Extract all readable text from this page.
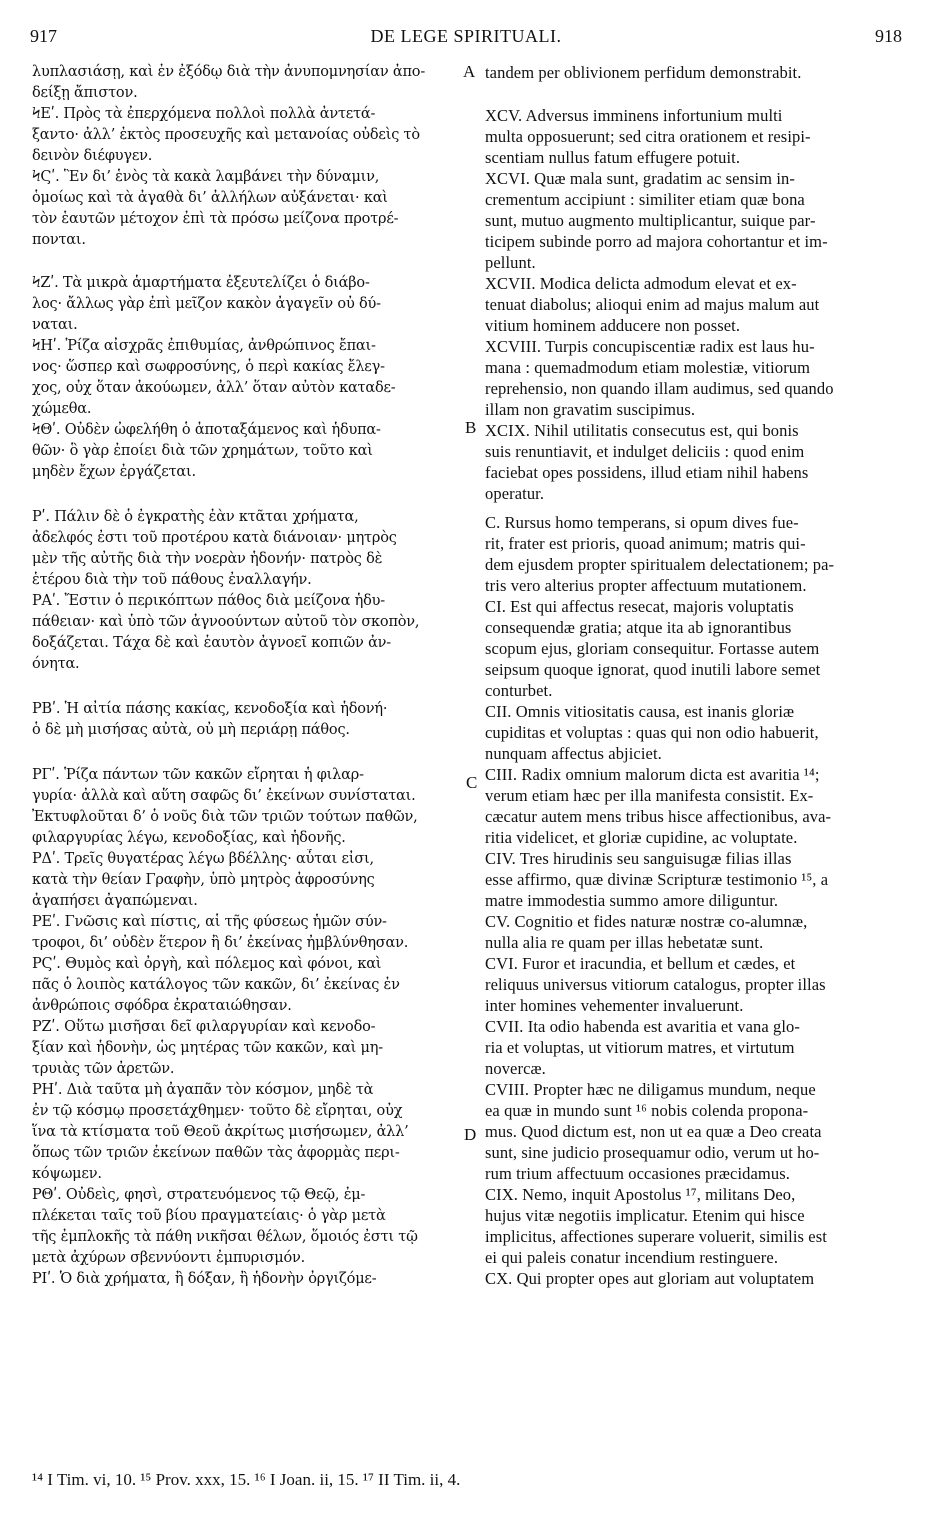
917	DE LEGE SPIRITUALI.	918

λυπλασιάσῃ, καὶ ἐν ἐξόδῳ διὰ τὴν ἀνυπομνησίαν ἀπο-

δείξῃ ἄπιστον.

ϞΕʹ. Πρὸς τὰ ἐπερχόμενα πολλοὶ πολλὰ ἀντετά-

ξαντο· ἀλλ’ ἐκτὸς προσευχῆς καὶ μετανοίας οὐδεὶς τὸ

δεινὸν διέφυγεν.

ϞϚʹ. Ἓν δι’ ἑνὸς τὰ κακὰ λαμβάνει τὴν δύναμιν,

ὁμοίως καὶ τὰ ἀγαθὰ δι’ ἀλλήλων αὐξάνεται· καὶ

τὸν ἑαυτῶν μέτοχον ἐπὶ τὰ πρόσω μείζονα προτρέ-

πονται.

ϞΖʹ. Τὰ μικρὰ ἁμαρτήματα ἐξευτελίζει ὁ διάβο-

λος· ἄλλως γὰρ ἐπὶ μεῖζον κακὸν ἀγαγεῖν οὐ δύ-

ναται.

ϞΗʹ. Ῥίζα αἰσχρᾶς ἐπιθυμίας, ἀνθρώπινος ἔπαι-

νος· ὥσπερ καὶ σωφροσύνης, ὁ περὶ κακίας ἔλεγ-

χος, οὐχ ὅταν ἀκούωμεν, ἀλλ’ ὅταν αὐτὸν καταδε-

χώμεθα.

ϞΘʹ. Οὐδὲν ὠφελήθη ὁ ἀποταξάμενος καὶ ἡδυπα-

θῶν· ὃ γὰρ ἐποίει διὰ τῶν χρημάτων, τοῦτο καὶ

μηδὲν ἔχων ἐργάζεται.

Ρʹ. Πάλιν δὲ ὁ ἐγκρατὴς ἐὰν κτᾶται χρήματα,

ἀδελφός ἐστι τοῦ προτέρου κατὰ διάνοιαν· μητρὸς

μὲν τῆς αὐτῆς διὰ τὴν νοερὰν ἡδονήν· πατρὸς δὲ

ἑτέρου διὰ τὴν τοῦ πάθους ἐναλλαγήν.

ΡΑʹ. Ἔστιν ὁ περικόπτων πάθος διὰ μείζονα ἡδυ-

πάθειαν· καὶ ὑπὸ τῶν ἀγνοούντων αὐτοῦ τὸν σκοπὸν,

δοξάζεται. Τάχα δὲ καὶ ἑαυτὸν ἀγνοεῖ κοπιῶν ἀν-

όνητα.

ΡΒʹ. Ἡ αἰτία πάσης κακίας, κενοδοξία καὶ ἡδονή·

ὁ δὲ μὴ μισήσας αὐτὰ, οὐ μὴ περιάρῃ πάθος.

ΡΓʹ. Ῥίζα πάντων τῶν κακῶν εἴρηται ἡ φιλαρ-

γυρία· ἀλλὰ καὶ αὕτη σαφῶς δι’ ἐκείνων συνίσταται.

Ἐκτυφλοῦται δ’ ὁ νοῦς διὰ τῶν τριῶν τούτων παθῶν,

φιλαργυρίας λέγω, κενοδοξίας, καὶ ἡδονῆς.

ΡΔʹ. Τρεῖς θυγατέρας λέγω βδέλλης· αὗται εἰσι,

κατὰ τὴν θείαν Γραφὴν, ὑπὸ μητρὸς ἀφροσύνης

ἀγαπήσει ἀγαπώμεναι.

ΡΕʹ. Γνῶσις καὶ πίστις, αἱ τῆς φύσεως ἡμῶν σύν-

τροφοι, δι’ οὐδὲν ἕτερον ἢ δι’ ἐκείνας ἠμβλύνθησαν.

ΡϚʹ. Θυμὸς καὶ ὀργὴ, καὶ πόλεμος καὶ φόνοι, καὶ

πᾶς ὁ λοιπὸς κατάλογος τῶν κακῶν, δι’ ἐκείνας ἐν

ἀνθρώποις σφόδρα ἐκραταιώθησαν.

ΡΖʹ. Οὕτω μισῆσαι δεῖ φιλαργυρίαν καὶ κενοδο-

ξίαν καὶ ἡδονὴν, ὡς μητέρας τῶν κακῶν, καὶ μη-

τρυιὰς τῶν ἀρετῶν.

ΡΗʹ. Διὰ ταῦτα μὴ ἀγαπᾶν τὸν κόσμον, μηδὲ τὰ

ἐν τῷ κόσμῳ προσετάχθημεν· τοῦτο δὲ εἴρηται, οὐχ

ἵνα τὰ κτίσματα τοῦ Θεοῦ ἀκρίτως μισήσωμεν, ἀλλ’

ὅπως τῶν τριῶν ἐκείνων παθῶν τὰς ἀφορμὰς περι-

κόψωμεν.

ΡΘʹ. Οὐδεὶς, φησὶ, στρατευόμενος τῷ Θεῷ, ἐμ-

πλέκεται ταῖς τοῦ βίου πραγματείαις· ὁ γὰρ μετὰ

τῆς ἐμπλοκῆς τὰ πάθη νικῆσαι θέλων, ὅμοιός ἐστι τῷ

μετὰ ἀχύρων σβεννύοντι ἐμπυρισμόν.

ΡΙʹ. Ὁ διὰ χρήματα, ἢ δόξαν, ἢ ἡδονὴν ὀργιζόμε-

tandem per oblivionem perfidum demonstrabit.

XCV. Adversus imminens infortunium multi

multa opposuerunt; sed citra orationem et resipi-

scentiam nullus fatum effugere potuit.

XCVI. Quæ mala sunt, gradatim ac sensim in-

crementum accipiunt : similiter etiam quæ bona

sunt, mutuo augmento multiplicantur, suique par-

ticipem subinde porro ad majora cohortantur et im-

pellunt.

XCVII. Modica delicta admodum elevat et ex-

tenuat diabolus; alioqui enim ad majus malum aut

vitium hominem adducere non posset.

XCVIII. Turpis concupiscentiæ radix est laus hu-

mana : quemadmodum etiam molestiæ, vitiorum

reprehensio, non quando illam audimus, sed quando

illam non gravatim suscipimus.

XCIX. Nihil utilitatis consecutus est, qui bonis

suis renuntiavit, et indulget deliciis : quod enim

faciebat opes possidens, illud etiam nihil habens

operatur.

C. Rursus homo temperans, si opum dives fue-

rit, frater est prioris, quoad animum; matris qui-

dem ejusdem propter spiritualem delectationem; pa-

tris vero alterius propter affectuum mutationem.

CI. Est qui affectus resecat, majoris voluptatis

consequendæ gratia; atque ita ab ignorantibus

scopum ejus, gloriam consequitur. Fortasse autem

seipsum quoque ignorat, quod inutili labore semet

conturbet.

CII. Omnis vitiositatis causa, est inanis gloriæ

cupiditas et voluptas : quas qui non odio habuerit,

nunquam affectus abjiciet.

CIII. Radix omnium malorum dicta est avaritia ¹⁴;

verum etiam hæc per illa manifesta consistit. Ex-

cæcatur autem mens tribus hisce affectionibus, ava-

ritia videlicet, et gloriæ cupidine, ac voluptate.

CIV. Tres hirudinis seu sanguisugæ filias illas

esse affirmo, quæ divinæ Scripturæ testimonio ¹⁵, a

matre immodestia summo amore diliguntur.

CV. Cognitio et fides naturæ nostræ co-alumnæ,

nulla alia re quam per illas hebetatæ sunt.

CVI. Furor et iracundia, et bellum et cædes, et

reliquus universus vitiorum catalogus, propter illas

inter homines vehementer invaluerunt.

CVII. Ita odio habenda est avaritia et vana glo-

ria et voluptas, ut vitiorum matres, et virtutum

novercæ.

CVIII. Propter hæc ne diligamus mundum, neque

ea quæ in mundo sunt ¹⁶ nobis colenda propona-

mus. Quod dictum est, non ut ea quæ a Deo creata

sunt, sine judicio prosequamur odio, verum ut ho-

rum trium affectuum occasiones præcidamus.

CIX. Nemo, inquit Apostolus ¹⁷, militans Deo,

hujus vitæ negotiis implicatur. Etenim qui hisce

implicitus, affectiones superare voluerit, similis est

ei qui paleis conatur incendium restinguere.

CX. Qui propter opes aut gloriam aut voluptatem

A
B
C
D
¹⁴ I Tim. vi, 10. ¹⁵ Prov. xxx, 15. ¹⁶ I Joan. ii, 15. ¹⁷ II Tim. ii, 4.
